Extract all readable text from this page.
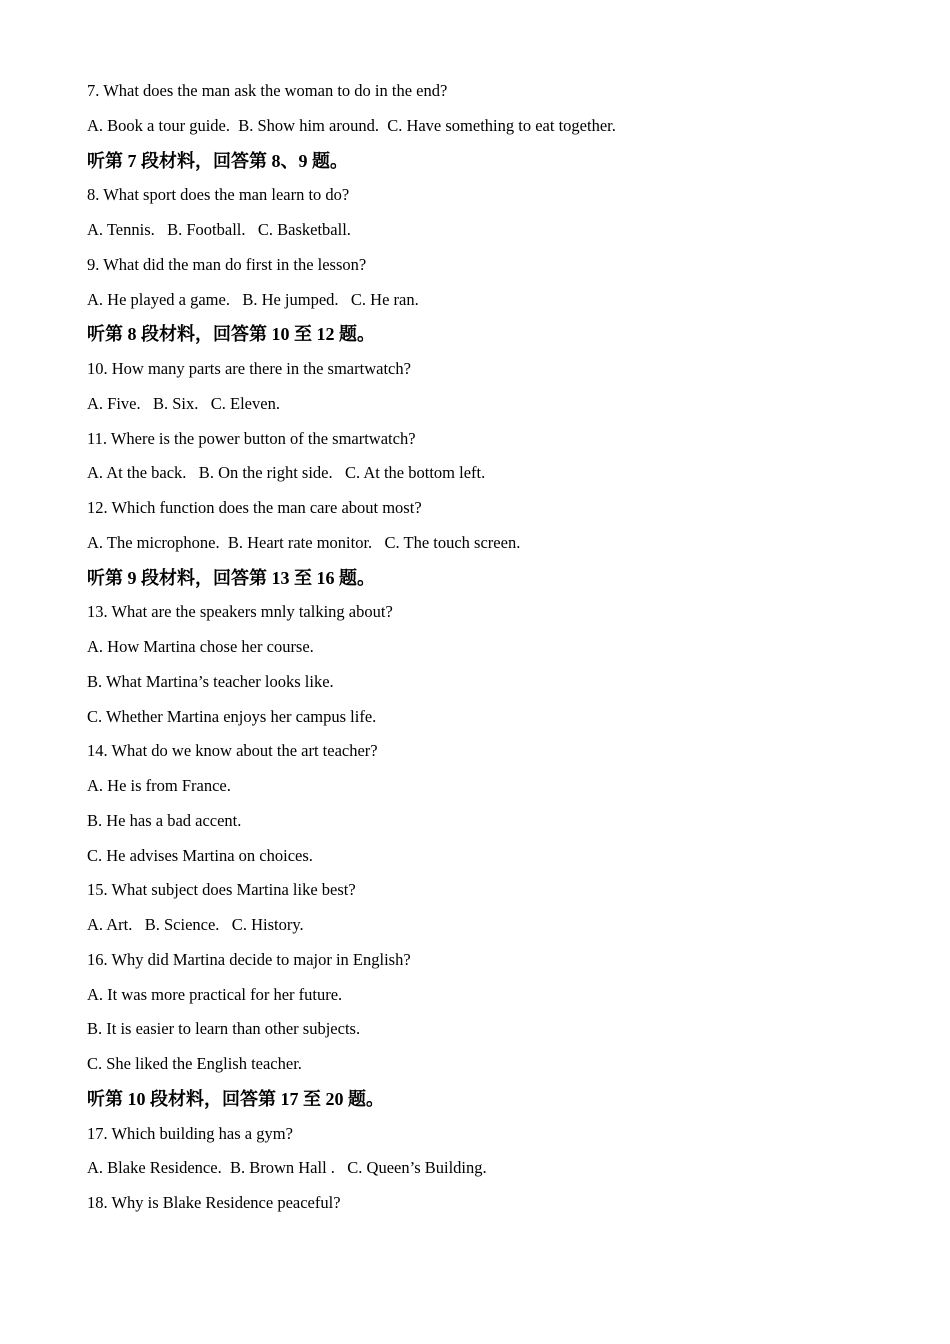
7. What does the man ask the woman to do in the end?
A. Book a tour guide.  B. Show him around.  C. Have something to eat together.
听第 7 段材料，回答第 8、9 题。
8. What sport does the man learn to do?
A. Tennis.   B. Football.   C. Basketball.
9. What did the man do first in the lesson?
A. He played a game.   B. He jumped.   C. He ran.
听第 8 段材料，回答第 10 至 12 题。
10. How many parts are there in the smartwatch?
A. Five.   B. Six.   C. Eleven.
11. Where is the power button of the smartwatch?
A. At the back.   B. On the right side.   C. At the bottom left.
12. Which function does the man care about most?
A. The microphone.  B. Heart rate monitor.   C. The touch screen.
听第 9 段材料，回答第 13 至 16 题。
13. What are the speakers mnly talking about?
A. How Martina chose her course.
B. What Martina’s teacher looks like.
C. Whether Martina enjoys her campus life.
14. What do we know about the art teacher?
A. He is from France.
B. He has a bad accent.
C. He advises Martina on choices.
15. What subject does Martina like best?
A. Art.   B. Science.   C. History.
16. Why did Martina decide to major in English?
A. It was more practical for her future.
B. It is easier to learn than other subjects.
C. She liked the English teacher.
听第 10 段材料，回答第 17 至 20 题。
17. Which building has a gym?
A. Blake Residence.  B. Brown Hall .   C. Queen’s Building.
18. Why is Blake Residence peaceful?
